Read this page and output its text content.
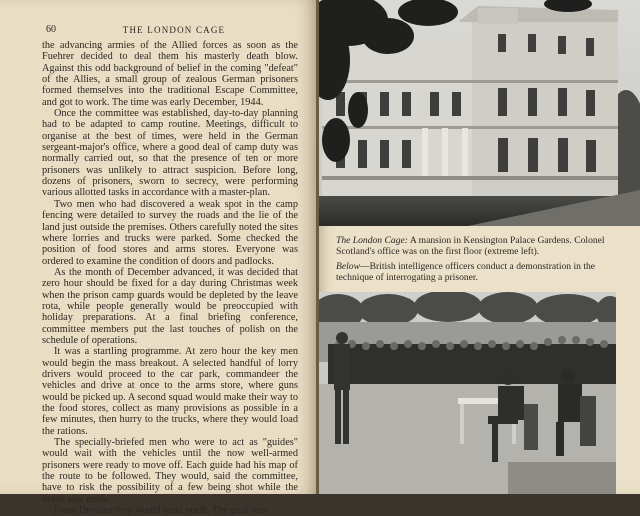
60	THE LONDON CAGE

the advancing armies of the Allied forces as soon as the Fuehrer decided to deal them his masterly death blow. Against this odd background of belief in the coming "defeat" of the Allies, a small group of zealous German prisoners formed themselves into the traditional Escape Committee, and got to work. The time was early December, 1944.

Once the committee was established, day-to-day planning had to be adapted to camp routine. Meetings, difficult to organise at the best of times, were held in the German sergeant-major's office, where a good deal of camp duty was normally carried out, so that the presence of ten or more prisoners was unlikely to attract suspicion. Before long, dozens of prisoners, sworn to secrecy, were performing various allotted tasks in accordance with a master-plan.

Two men who had discovered a weak spot in the camp fencing were detailed to survey the roads and the lie of the land just outside the premises. Others carefully noted the sites where lorries and trucks were parked. Some checked the position of food stores and arms stores. Everyone was ordered to examine the condition of doors and padlocks.

As the month of December advanced, it was decided that zero hour should be fixed for a day during Christmas week when the prison camp guards would be depleted by the leave rota, while people generally would be preoccupied with holiday preparations. At a final briefing conference, committee members put the last touches of polish on the schedule of operations.

It was a startling programme. At zero hour the key men would begin the mass breakout. A selected handful of lorry drivers would proceed to the car park, commandeer the vehicles and drive at once to the arms store, where guns would be picked up. A second squad would make their way to the food stores, collect as many provisions as possible in a few minutes, then hurry to the trucks, where they would load the rations.

The specially-briefed men who were to act as "guides" would wait with the vehicles until the now well-armed prisoners were ready to move off. Each guide had his map of the route to be followed. They would, said the committee, have to risk the possibility of a few being shot while the break was made.

From Devizes they would head north. The goal was

The London Cage: A mansion in Kensington Palace Gardens. Colonel Scotland's office was on the first floor (extreme left).
Below—British intelligence officers conduct a demonstration in the technique of interrogating a prisoner.
